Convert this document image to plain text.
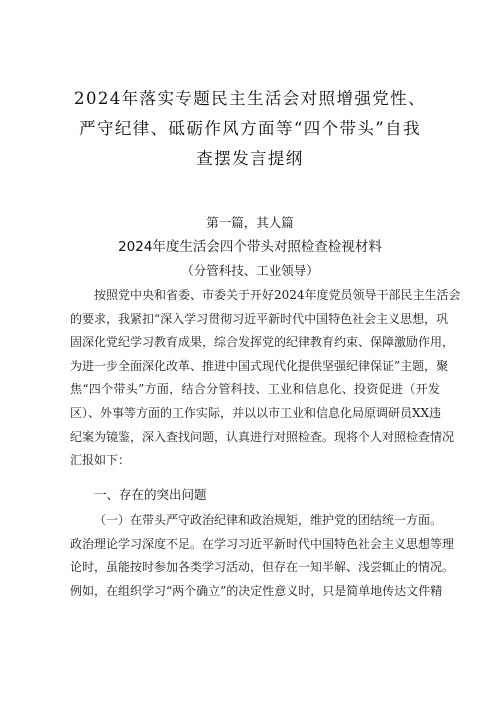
2024年落实专题民主生活会对照增强党性、
严守纪律、砥砺作风方面等“四个带头”自我
查摆发言提纲
第一篇，其人篇
2024年度生活会四个带头对照检查检视材料
（分管科技、工业领导）
按照党中央和省委、市委关于开好2024年度党员领导干部民主生活会
的要求，我紧扣“深入学习贯彻习近平新时代中国特色社会主义思想，巩
固深化党纪学习教育成果，综合发挥党的纪律教育约束、保障激励作用，
为进一步全面深化改革、推进中国式现代化提供坚强纪律保证”主题，聚
焦“四个带头”方面，结合分管科技、工业和信息化、投资促进（开发
区）、外事等方面的工作实际，并以以市工业和信息化局原调研员XX违
纪案为镜鉴，深入查找问题，认真进行对照检查。现将个人对照检查情况
汇报如下：
一、存在的突出问题
（一）在带头严守政治纪律和政治规矩，维护党的团结统一方面。
政治理论学习深度不足。在学习习近平新时代中国特色社会主义思想等理
论时，虽能按时参加各类学习活动，但存在一知半解、浅尝辄止的情况。
例如，在组织学习“两个确立”的决定性意义时，只是简单地传达文件精
